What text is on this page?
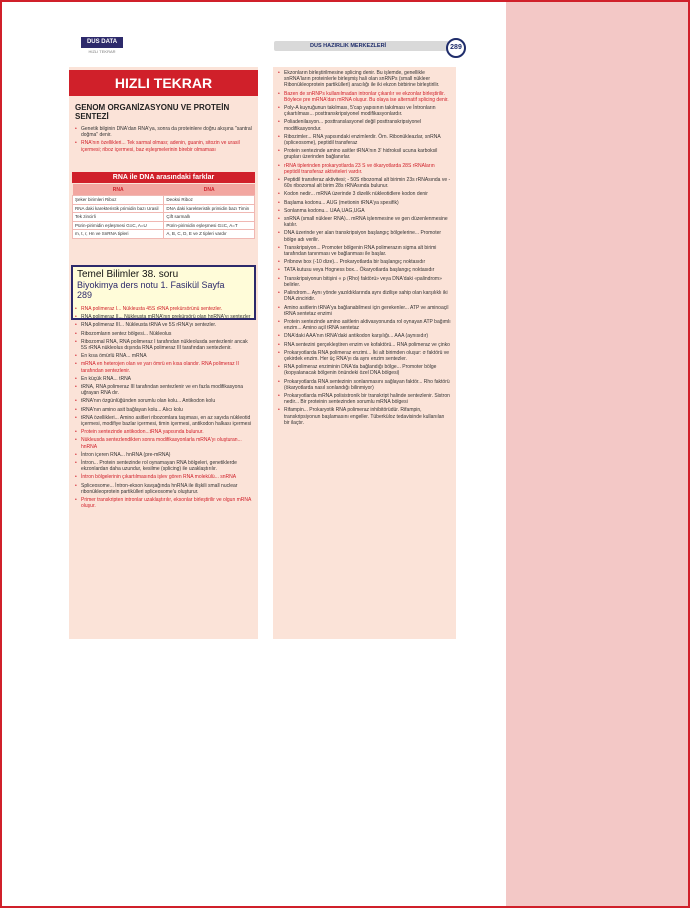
DUS DATA
HIZLI TEKRAR
DUS HAZIRLIK MERKEZLERİ	289
HIZLI TEKRAR
GENOM ORGANİZASYONU VE PROTEİN SENTEZİ
• Genetik bilginin DNA'dan RNA'ya, sonra da proteinlere doğru akışına "santral doğma" denir.
• RNA'nın özellikleri... Tek sarmal olması; adenin, guanin, sitozin ve urasil içermesi; riboz içermesi, baz eşleşmelerinin birebir olmaması
RNA ile DNA arasındaki farklar
RNA	DNA
Şeker birimleri Riboz	Deoksi Riboz
RNA daki karekteristik primidin bazı Urasil	DNA daki karekteristik primidin bazı Timin
Tek zincirli	Çift sarmallı
Pürin-pirimidin eşleşmesi G≡C, A=U	Pürin-pirimidin eşleşmesi G≡C, A=T
m, t, r, Hn ve SnRNA tipleri	A, B, C, D, E ve Z tipleri vardır
Temel Bilimler 38. soru
Biyokimya ders notu 1. Fasikül Sayfa
289
• RNA polimeraz I... Nükleusta 45S rRNA prekürsörünü sentezler.
• RNA polimeraz II... Nükleusta mRNA'nın prekürsörü olan hnRNA'yı sentezler
• RNA polimeraz III... Nükleusta tRNA ve 5S rRNA'yı sentezler.
• Ribozomların sentez bölgesi... Nükleolus
• Ribozomal RNA, RNA polimeraz I tarafından nükleolusda sentezlenir ancak 5S rRNA nükleolus dışında RNA polimeraz III tarafından sentezlenir.
• En kısa ömürlü RNA... mRNA
• mRNA en heterojen olan ve yarı ömrü en kısa olandır. RNA polimeraz II tarafından sentezlenir.
• En küçük RNA... tRNA
• tRNA, RNA polimeraz III tarafından sentezlenir ve en fazla modifikasyona uğrayan RNA dır.
• tRNA'nın özgünlüğünden sorumlu olan kolu... Antikodon kolu
• tRNA'nın amino asit bağlayan kolu... Alıcı kolu
• tRNA özellikleri... Amino asitleri ribozomlara taşıması, en az sayıda nükleotid içermesi, modifiye bazlar içermesi, timin içermesi, antikodon halkası içermesi
• Protein sentezinde antikodon...tRNA yapısında bulunur.
• Nükleusda sentezlendikten sonra modifikasyonlarla mRNA'yı oluşturan... hnRNA
• İntron içeren RNA... hnRNA (pre-mRNA)
• İntron... Protein sentezinde rol oynamayan RNA bölgeleri, genetiklerde ekzonlardan daha uzundur, kesilme (splicing) ile uzaklaştırılır.
• İntron bölgelerinin çıkartılmasında işlev gören RNA molekülü... snRNA
• Spliceosome... İntron-ekson kavşağında hnRNA ile ilişkili small nuclear ribonükleoprotein partikülleri spliceosome'u oluşturur.
• Primer transkripten intronlar uzaklaştırılır, eksonlar birleştirilir ve olgun mRNA oluşur.
• Ekzonların birleştirilmesine splicing denir. Bu işlemde, genellikle snRNA'ların proteinlerle birleşmiş hali olan snRNPs (small nükleer Ribonükleoprotein partikülleri) aracılığı ile iki ekzon birbirine birleştirilir.
• Bazen de snRNPs kullanılmadan intronlar çıkarılır ve ekzonlar birleştirilir. Böylece pre mRNA'dan mRNA oluşur. Bu olaya ise alternatif splicing denir.
• Poly-A kuyruğunun takılması, 5'cap yapısının takılması ve İntronların çıkartılması... posttranskripsiyonel modifikasyonlardır.
• Poliadenilasyon... posttranslasyonel değil posttranskripsiyonel modifikasyondur.
• Ribozimler... RNA yapısındaki enzimlerdir. Örn. Ribonükleazlar, snRNA (spliceosome), peptidil transferaz
• Protein sentezinde amino asitler tRNA'nın 3' hidroksil ucuna karboksil grupları üzerinden bağlanırlar.
• rRNA tiplerinden prokaryotlarda 23 S ve ökaryotlarda 28S rRNAların peptidil transferaz aktiviteleri vardır.
• Peptidil transferaz aktivitesi; - 50S ribozomal alt birimin 23s rRNAsında ve - 60s ribozomal alt birim 28s rRNAsında bulunur.
• Kodon nedir... mRNA üzerinde 3 dizelik nükleotidlere kodon denir
• Başlama kodonu... AUG (metionin tRNA'ya spesifik)
• Sonlanma kodonu... UAA,UAG,UGA
• snRNA (small nükleer RNA)... mRNA işlenmesine ve gen düzenlenmesine katılır.
• DNA üzerinde yer alan transkripsiyon başlangıç bölgelerine... Promoter bölge adı verilir.
• Transkripsiyon... Promoter bölgenin RNA polimerazın sigma alt birimi tarafından tanınması ve bağlanması ile başlar.
• Pribnow box (-10 dize)... Prokaryotlarda bir başlangıç noktasıdır
• TATA kutusu veya Hogness box... Ökaryotlarda başlangıç noktasıdır
• Transkripsiyonun bitişini « ρ (Rho) faktörü» veya DNA'daki «palindrom» belirler.
• Palindrom... Aynı yönde yazıldıklarında aynı dizilişe sahip olan karşılıklı iki DNA zinciridir.
• Amino asitlerin tRNA'ya bağlanabilmesi için gerekenler... ATP ve aminoaçil tRNA sentetaz enzimi
• Protein sentezinde amino asitlerin aktivasyonunda rol oynayan ATP bağımlı enzim... Amino açil tRNA sentetaz
• DNA'daki AAA'nın tRNA'daki antikodon karşılığı... AAA (aynısıdır)
• RNA sentezini gerçekleştiren enzim ve kofaktörü... RNA polimeraz ve çinko
• Prokaryotlarda RNA polimeraz enzimi... İki alt birimden oluşur: σ faktörü ve çekirdek enzim. Her üç RNA'yı da aynı enzim sentezler.
• RNA polimeraz enziminin DNA'da bağlandığı bölge... Promoter bölge (kopyalanacak bölgenin önündeki özel DNA bölgesi)
• Prokaryotlarda RNA sentezinin sonlanmasını sağlayan faktör... Rho faktörü (ökaryotlarda nasıl sonlandığı bilinmiyor)
• Prokaryotlarda mRNA polisistronik bir transkript halinde sentezlenir. Sistron nedir... Bir proteinin sentezinden sorumlu mRNA bölgesi
• Rifampin... Prokaryotik RNA polimeraz inhibitörüdür. Rifampin, transkripsiyonun başlamasını engeller. Tüberküloz tedavisinde kullanılan bir ilaçtır.
